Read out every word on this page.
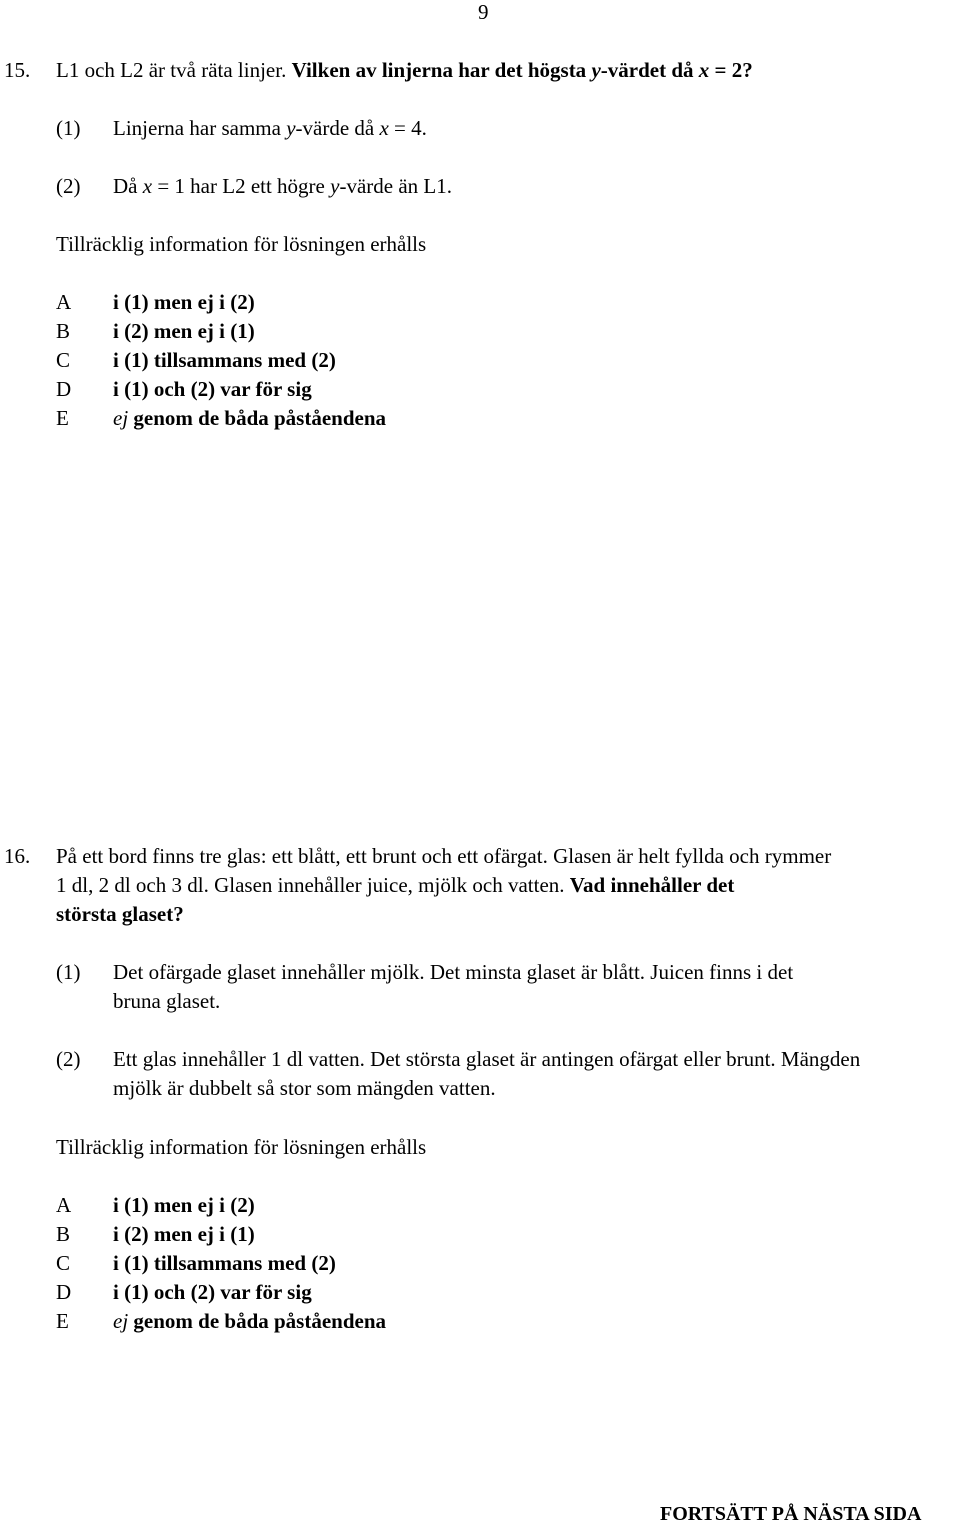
9
15. L1 och L2 är två räta linjer. Vilken av linjerna har det högsta y-värdet då x = 2?
(1) Linjerna har samma y-värde då x = 4.
(2) Då x = 1 har L2 ett högre y-värde än L1.
Tillräcklig information för lösningen erhålls
A i (1) men ej i (2)
B i (2) men ej i (1)
C i (1) tillsammans med (2)
D i (1) och (2) var för sig
E ej genom de båda påståendena
16. På ett bord finns tre glas: ett blått, ett brunt och ett ofärgat. Glasen är helt fyllda och rymmer
1 dl, 2 dl och 3 dl. Glasen innehåller juice, mjölk och vatten. Vad innehåller det
största glaset?
(1) Det ofärgade glaset innehåller mjölk. Det minsta glaset är blått. Juicen finns i det
bruna glaset.
(2) Ett glas innehåller 1 dl vatten. Det största glaset är antingen ofärgat eller brunt. Mängden
mjölk är dubbelt så stor som mängden vatten.
Tillräcklig information för lösningen erhålls
A i (1) men ej i (2)
B i (2) men ej i (1)
C i (1) tillsammans med (2)
D i (1) och (2) var för sig
E ej genom de båda påståendena
FORTSÄTT PÅ NÄSTA SIDA
